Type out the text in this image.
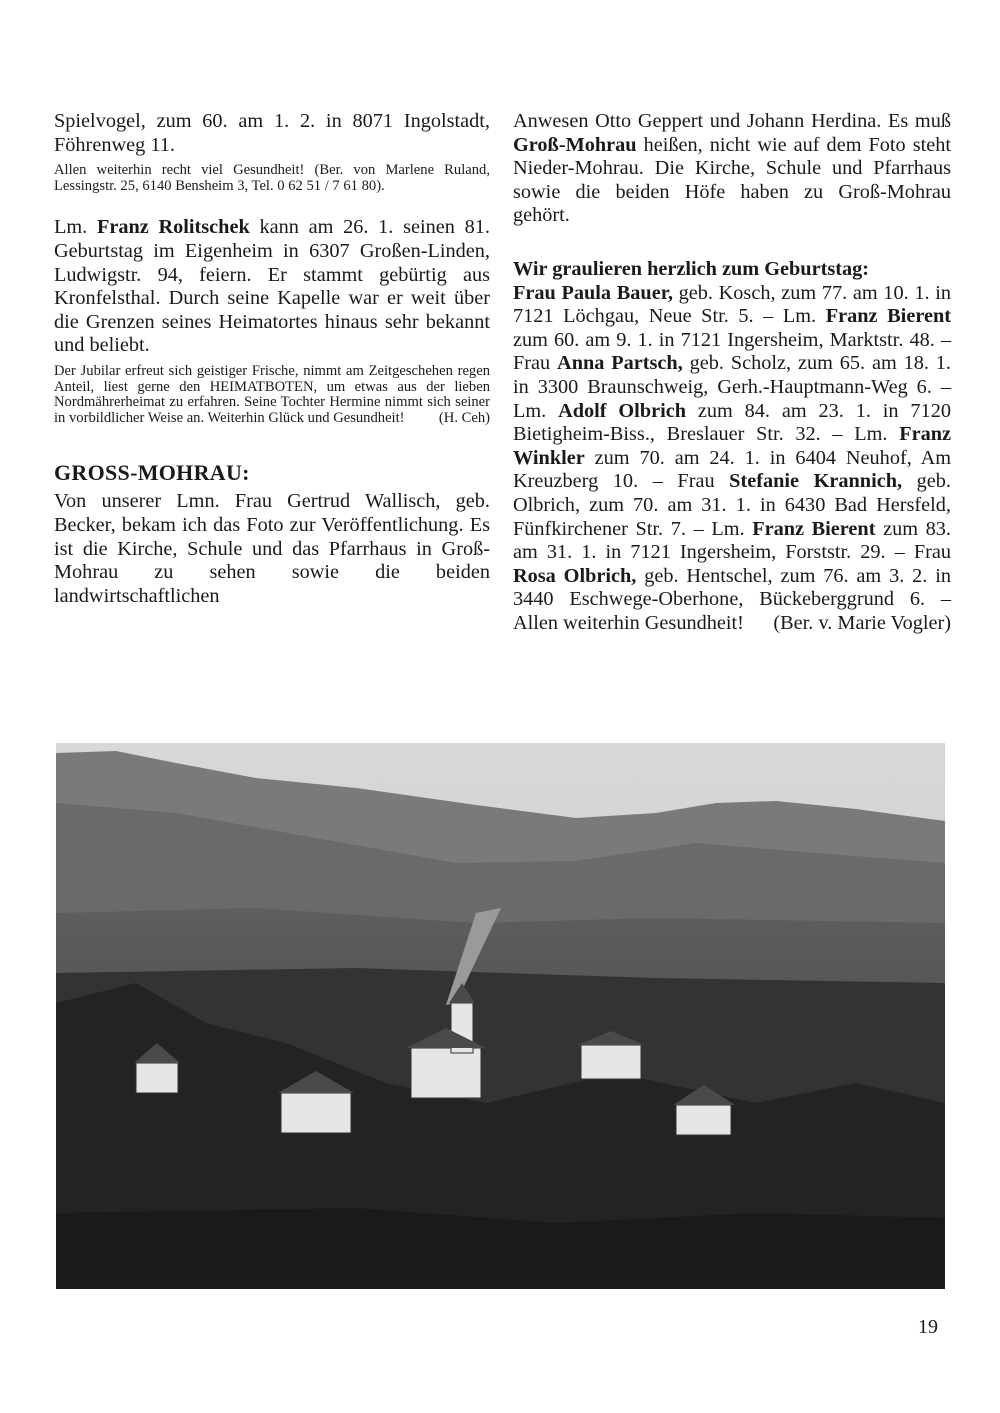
Spielvogel, zum 60. am 1. 2. in 8071 Ingolstadt, Föhrenweg 11.

Allen weiterhin recht viel Gesundheit! (Ber. von Marlene Ruland, Lessingstr. 25, 6140 Bensheim 3, Tel. 0 62 51 / 7 61 80).

Lm. Franz Rolitschek kann am 26. 1. seinen 81. Geburtstag im Eigenheim in 6307 Großen-Linden, Ludwigstr. 94, feiern. Er stammt gebürtig aus Kronfelsthal. Durch seine Kapelle war er weit über die Grenzen seines Heimatortes hinaus sehr bekannt und beliebt.

Der Jubilar erfreut sich geistiger Frische, nimmt am Zeitgeschehen regen Anteil, liest gerne den HEIMATBOTEN, um etwas aus der lieben Nordmährerheimat zu erfahren. Seine Tochter Hermine nimmt sich seiner in vorbildlicher Weise an. Weiterhin Glück und Gesundheit! (H. Ceh)

GROSS-MOHRAU:

Von unserer Lmn. Frau Gertrud Wallisch, geb. Becker, bekam ich das Foto zur Veröffentlichung. Es ist die Kirche, Schule und das Pfarrhaus in Groß-Mohrau zu sehen sowie die beiden landwirtschaftlichen

Anwesen Otto Geppert und Johann Herdina. Es muß Groß-Mohrau heißen, nicht wie auf dem Foto steht Nieder-Mohrau. Die Kirche, Schule und Pfarrhaus sowie die beiden Höfe haben zu Groß-Mohrau gehört.

Wir graulieren herzlich zum Geburtstag:

Frau Paula Bauer, geb. Kosch, zum 77. am 10. 1. in 7121 Löchgau, Neue Str. 5. – Lm. Franz Bierent zum 60. am 9. 1. in 7121 Ingersheim, Marktstr. 48. – Frau Anna Partsch, geb. Scholz, zum 65. am 18. 1. in 3300 Braunschweig, Gerh.-Hauptmann-Weg 6. – Lm. Adolf Olbrich zum 84. am 23. 1. in 7120 Bietigheim-Biss., Breslauer Str. 32. – Lm. Franz Winkler zum 70. am 24. 1. in 6404 Neuhof, Am Kreuzberg 10. – Frau Stefanie Krannich, geb. Olbrich, zum 70. am 31. 1. in 6430 Bad Hersfeld, Fünfkirchener Str. 7. – Lm. Franz Bierent zum 83. am 31. 1. in 7121 Ingersheim, Forststr. 29. – Frau Rosa Olbrich, geb. Hentschel, zum 76. am 3. 2. in 3440 Eschwege-Oberhone, Bückeberggrund 6. – Allen weiterhin Gesundheit! (Ber. v. Marie Vogler)

19
